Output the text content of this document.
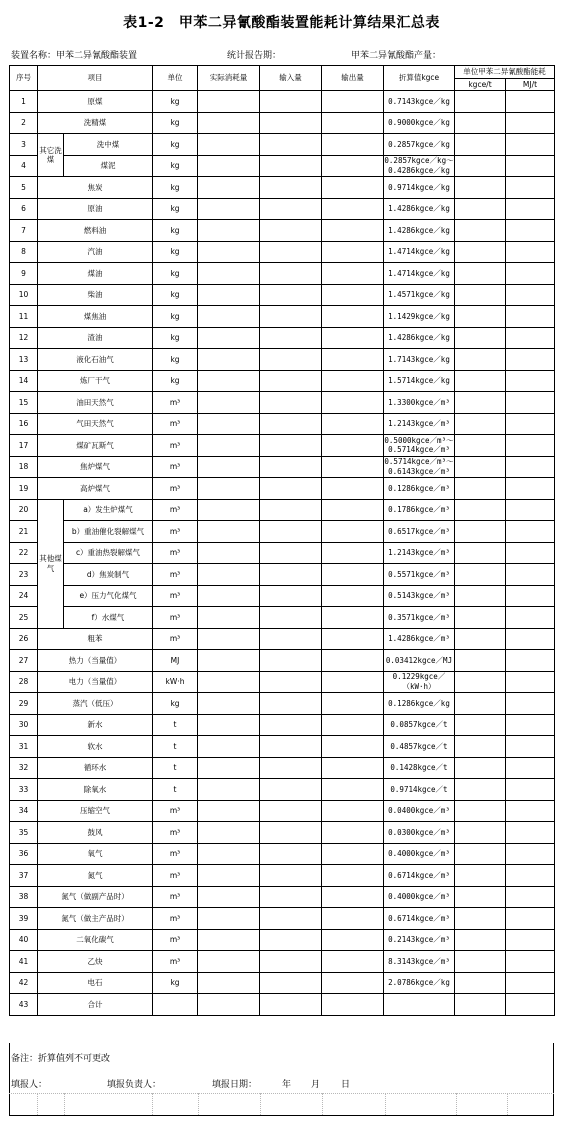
表1-2　甲苯二异氰酸酯装置能耗计算结果汇总表
装置名称：甲苯二异氰酸酯装置	统计报告期：	甲苯二异氰酸酯产量：
序号	项目		单位	实际消耗量	输入量	输出量	折算值kgce	单位甲苯二异氰酸酯能耗	
								kgce/t	MJ/t
1	原煤		kg				0.7143kgce／kg		

2	洗精煤		kg				0.9000kgce／kg		

3	其它洗煤	洗中煤	kg				0.2857kgce／kg		

4		煤泥	kg				0.2857kgce／kg～
0.4286kgce／kg		

5	焦炭		kg				0.9714kgce／kg		

6	原油		kg				1.4286kgce／kg		

7	燃料油		kg				1.4286kgce／kg		

8	汽油		kg				1.4714kgce／kg		

9	煤油		kg				1.4714kgce／kg		

10	柴油		kg				1.4571kgce／kg		

11	煤焦油		kg				1.1429kgce／kg		

12	渣油		kg				1.4286kgce／kg		

13	液化石油气		kg				1.7143kgce／kg		

14	炼厂干气		kg				1.5714kgce／kg		

15	油田天然气		m³				1.3300kgce／m³		

16	气田天然气		m³				1.2143kgce／m³		

17	煤矿瓦斯气		m³				0.5000kgce／m³～
0.5714kgce／m³		

18	焦炉煤气		m³				0.5714kgce／m³～
0.6143kgce／m³		

19	高炉煤气		m³				0.1286kgce／m³		

20	其他煤气	a）发生炉煤气	m³				0.1786kgce／m³		

21		b）重油催化裂解煤气	m³				0.6517kgce／m³		

22		c）重油热裂解煤气	m³				1.2143kgce／m³		

23		d）焦炭制气	m³				0.5571kgce／m³		

24		e）压力气化煤气	m³				0.5143kgce／m³		

25		f）水煤气	m³				0.3571kgce／m³		

26	粗苯		m³				1.4286kgce／m³		

27	热力（当量值）		MJ				0.03412kgce／MJ		

28	电力（当量值）		kW·h				0.1229kgce／
（kW·h）		

29	蒸汽（低压）		kg				0.1286kgce／kg		

30	新水		t				0.0857kgce／t		

31	软水		t				0.4857kgce／t		

32	循环水		t				0.1428kgce／t		

33	除氧水		t				0.9714kgce／t		

34	压缩空气		m³				0.0400kgce／m³		

35	鼓风		m³				0.0300kgce／m³		

36	氧气		m³				0.4000kgce／m³		

37	氮气		m³				0.6714kgce／m³		

38	氮气（做副产品时）		m³				0.4000kgce／m³		

39	氮气（做主产品时）		m³				0.6714kgce／m³		

40	二氧化碳气		m³				0.2143kgce／m³		

41	乙炔		m³				8.3143kgce／m³		

42	电石		kg				2.0786kgce／kg		

43	合计						

备注：折算值列不可更改
填报人：	填报负责人：	填报日期：	年 月 日
